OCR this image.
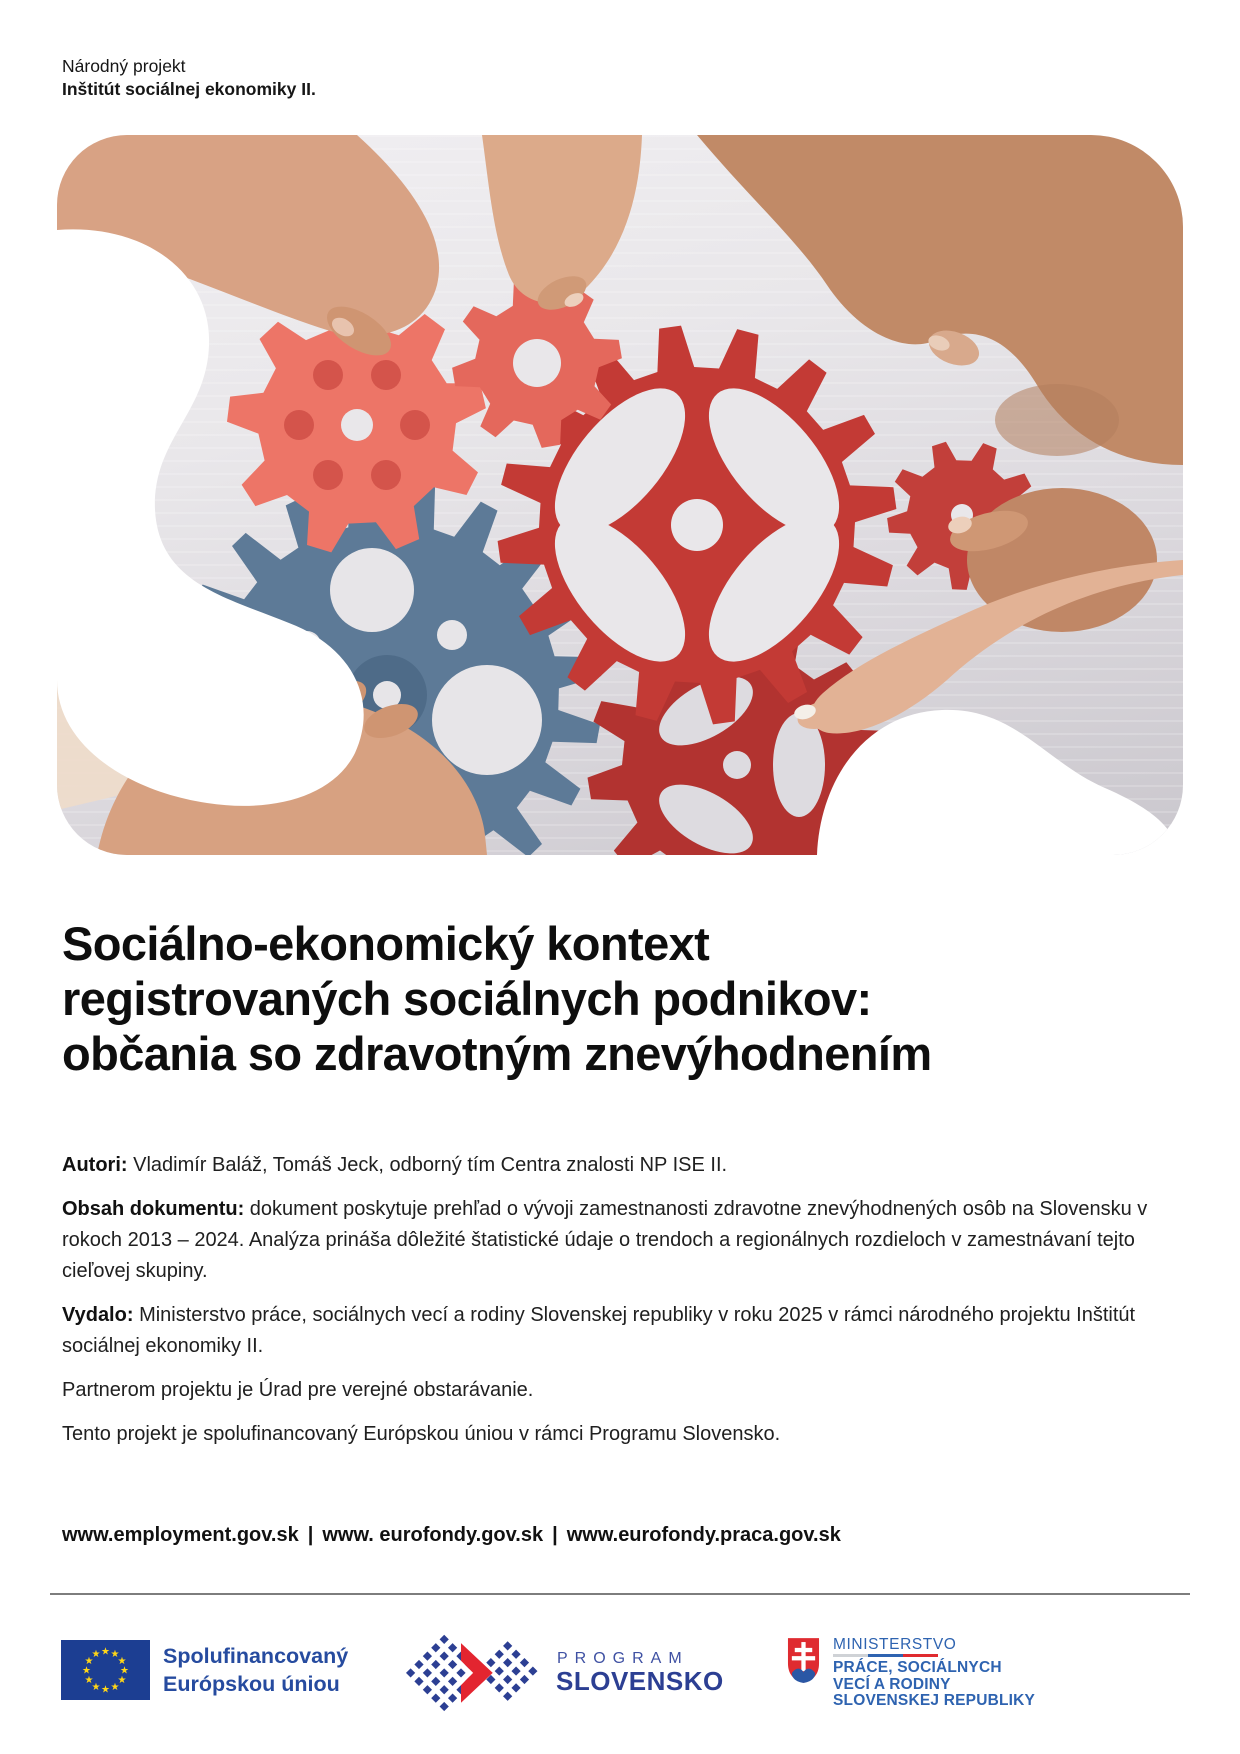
Národný projekt
Inštitút sociálnej ekonomiky II.
Sociálno-ekonomický kontext
registrovaných sociálnych podnikov:
občania so zdravotným znevýhodnením

Autori: Vladimír Baláž, Tomáš Jeck, odborný tím Centra znalosti NP ISE II.

Obsah dokumentu: dokument poskytuje prehľad o vývoji zamestnanosti zdravotne znevýhodnených osôb na Slovensku v rokoch 2013 – 2024. Analýza prináša dôležité štatistické údaje o trendoch a regionálnych rozdieloch v zamestnávaní tejto cieľovej skupiny.

Vydalo: Ministerstvo práce, sociálnych vecí a rodiny Slovenskej republiky v roku 2025 v rámci národného projektu Inštitút sociálnej ekonomiky II.

Partnerom projektu je Úrad pre verejné obstarávanie.

Tento projekt je spolufinancovaný Európskou úniou v rámci Programu Slovensko.

www.employment.gov.sk | www. eurofondy.gov.sk | www.eurofondy.praca.gov.sk
★ ★
★
★
★
★
★
★
★
★
★
★	Spolufinancovaný
Európskou úniou
PROGRAM
SLOVENSKO
MINISTERSTVO
PRÁCE, SOCIÁLNYCH
VECÍ A RODINY
SLOVENSKEJ REPUBLIKY
